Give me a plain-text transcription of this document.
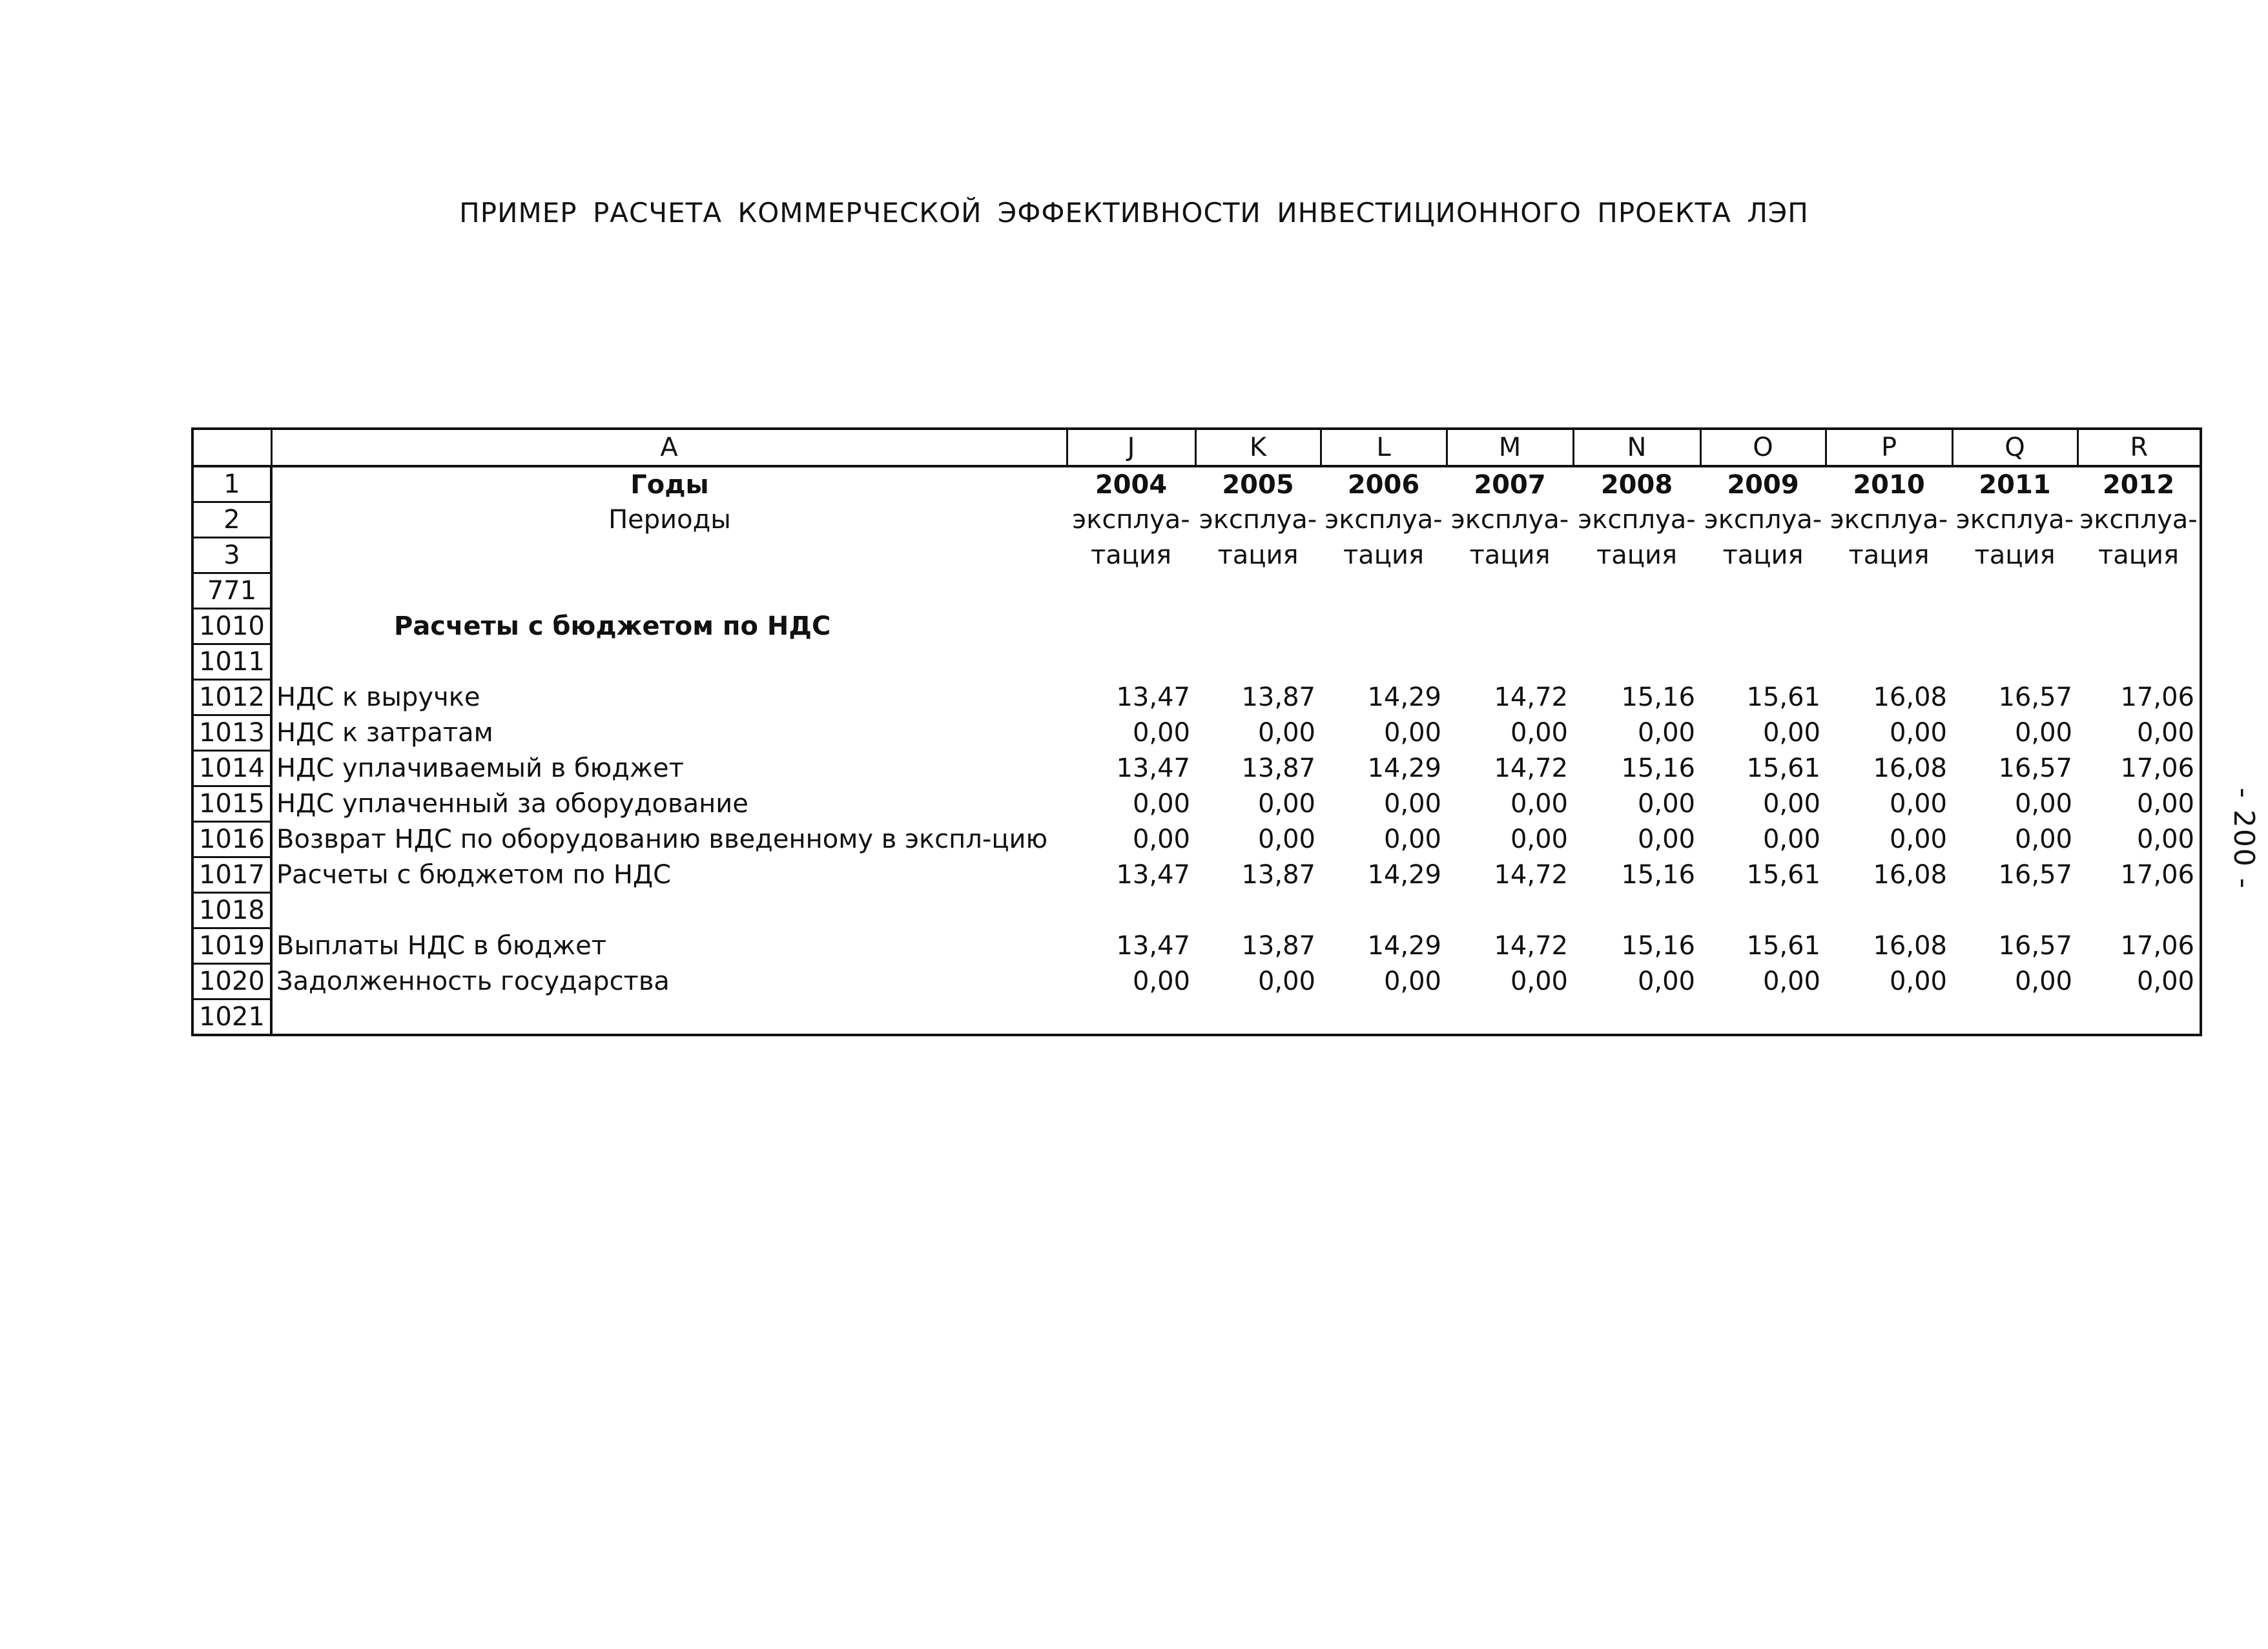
ПРИМЕР РАСЧЕТА КОММЕРЧЕСКОЙ ЭФФЕКТИВНОСТИ ИНВЕСТИЦИОННОГО ПРОЕКТА ЛЭП
	A	J	K	L	M	N	O	P	Q	R
1	Годы	2004	2005	2006	2007	2008	2009	2010	2011	2012
2	Периоды	эксплуа-	эксплуа-	эксплуа-	эксплуа-	эксплуа-	эксплуа-	эксплуа-	эксплуа-	эксплуа-
3		тация	тация	тация	тация	тация	тация	тация	тация	тация
771										
1010	Расчеты с бюджетом по НДС									
1011										
1012	НДС к выручке	13,47	13,87	14,29	14,72	15,16	15,61	16,08	16,57	17,06
1013	НДС к затратам	0,00	0,00	0,00	0,00	0,00	0,00	0,00	0,00	0,00
1014	НДС уплачиваемый в бюджет	13,47	13,87	14,29	14,72	15,16	15,61	16,08	16,57	17,06
1015	НДС уплаченный за оборудование	0,00	0,00	0,00	0,00	0,00	0,00	0,00	0,00	0,00
1016	Возврат НДС по оборудованию введенному в экспл-цию	0,00	0,00	0,00	0,00	0,00	0,00	0,00	0,00	0,00
1017	Расчеты с бюджетом по НДС	13,47	13,87	14,29	14,72	15,16	15,61	16,08	16,57	17,06
1018										
1019	Выплаты НДС в бюджет	13,47	13,87	14,29	14,72	15,16	15,61	16,08	16,57	17,06
1020	Задолженность государства	0,00	0,00	0,00	0,00	0,00	0,00	0,00	0,00	0,00
1021										
- 200 -
